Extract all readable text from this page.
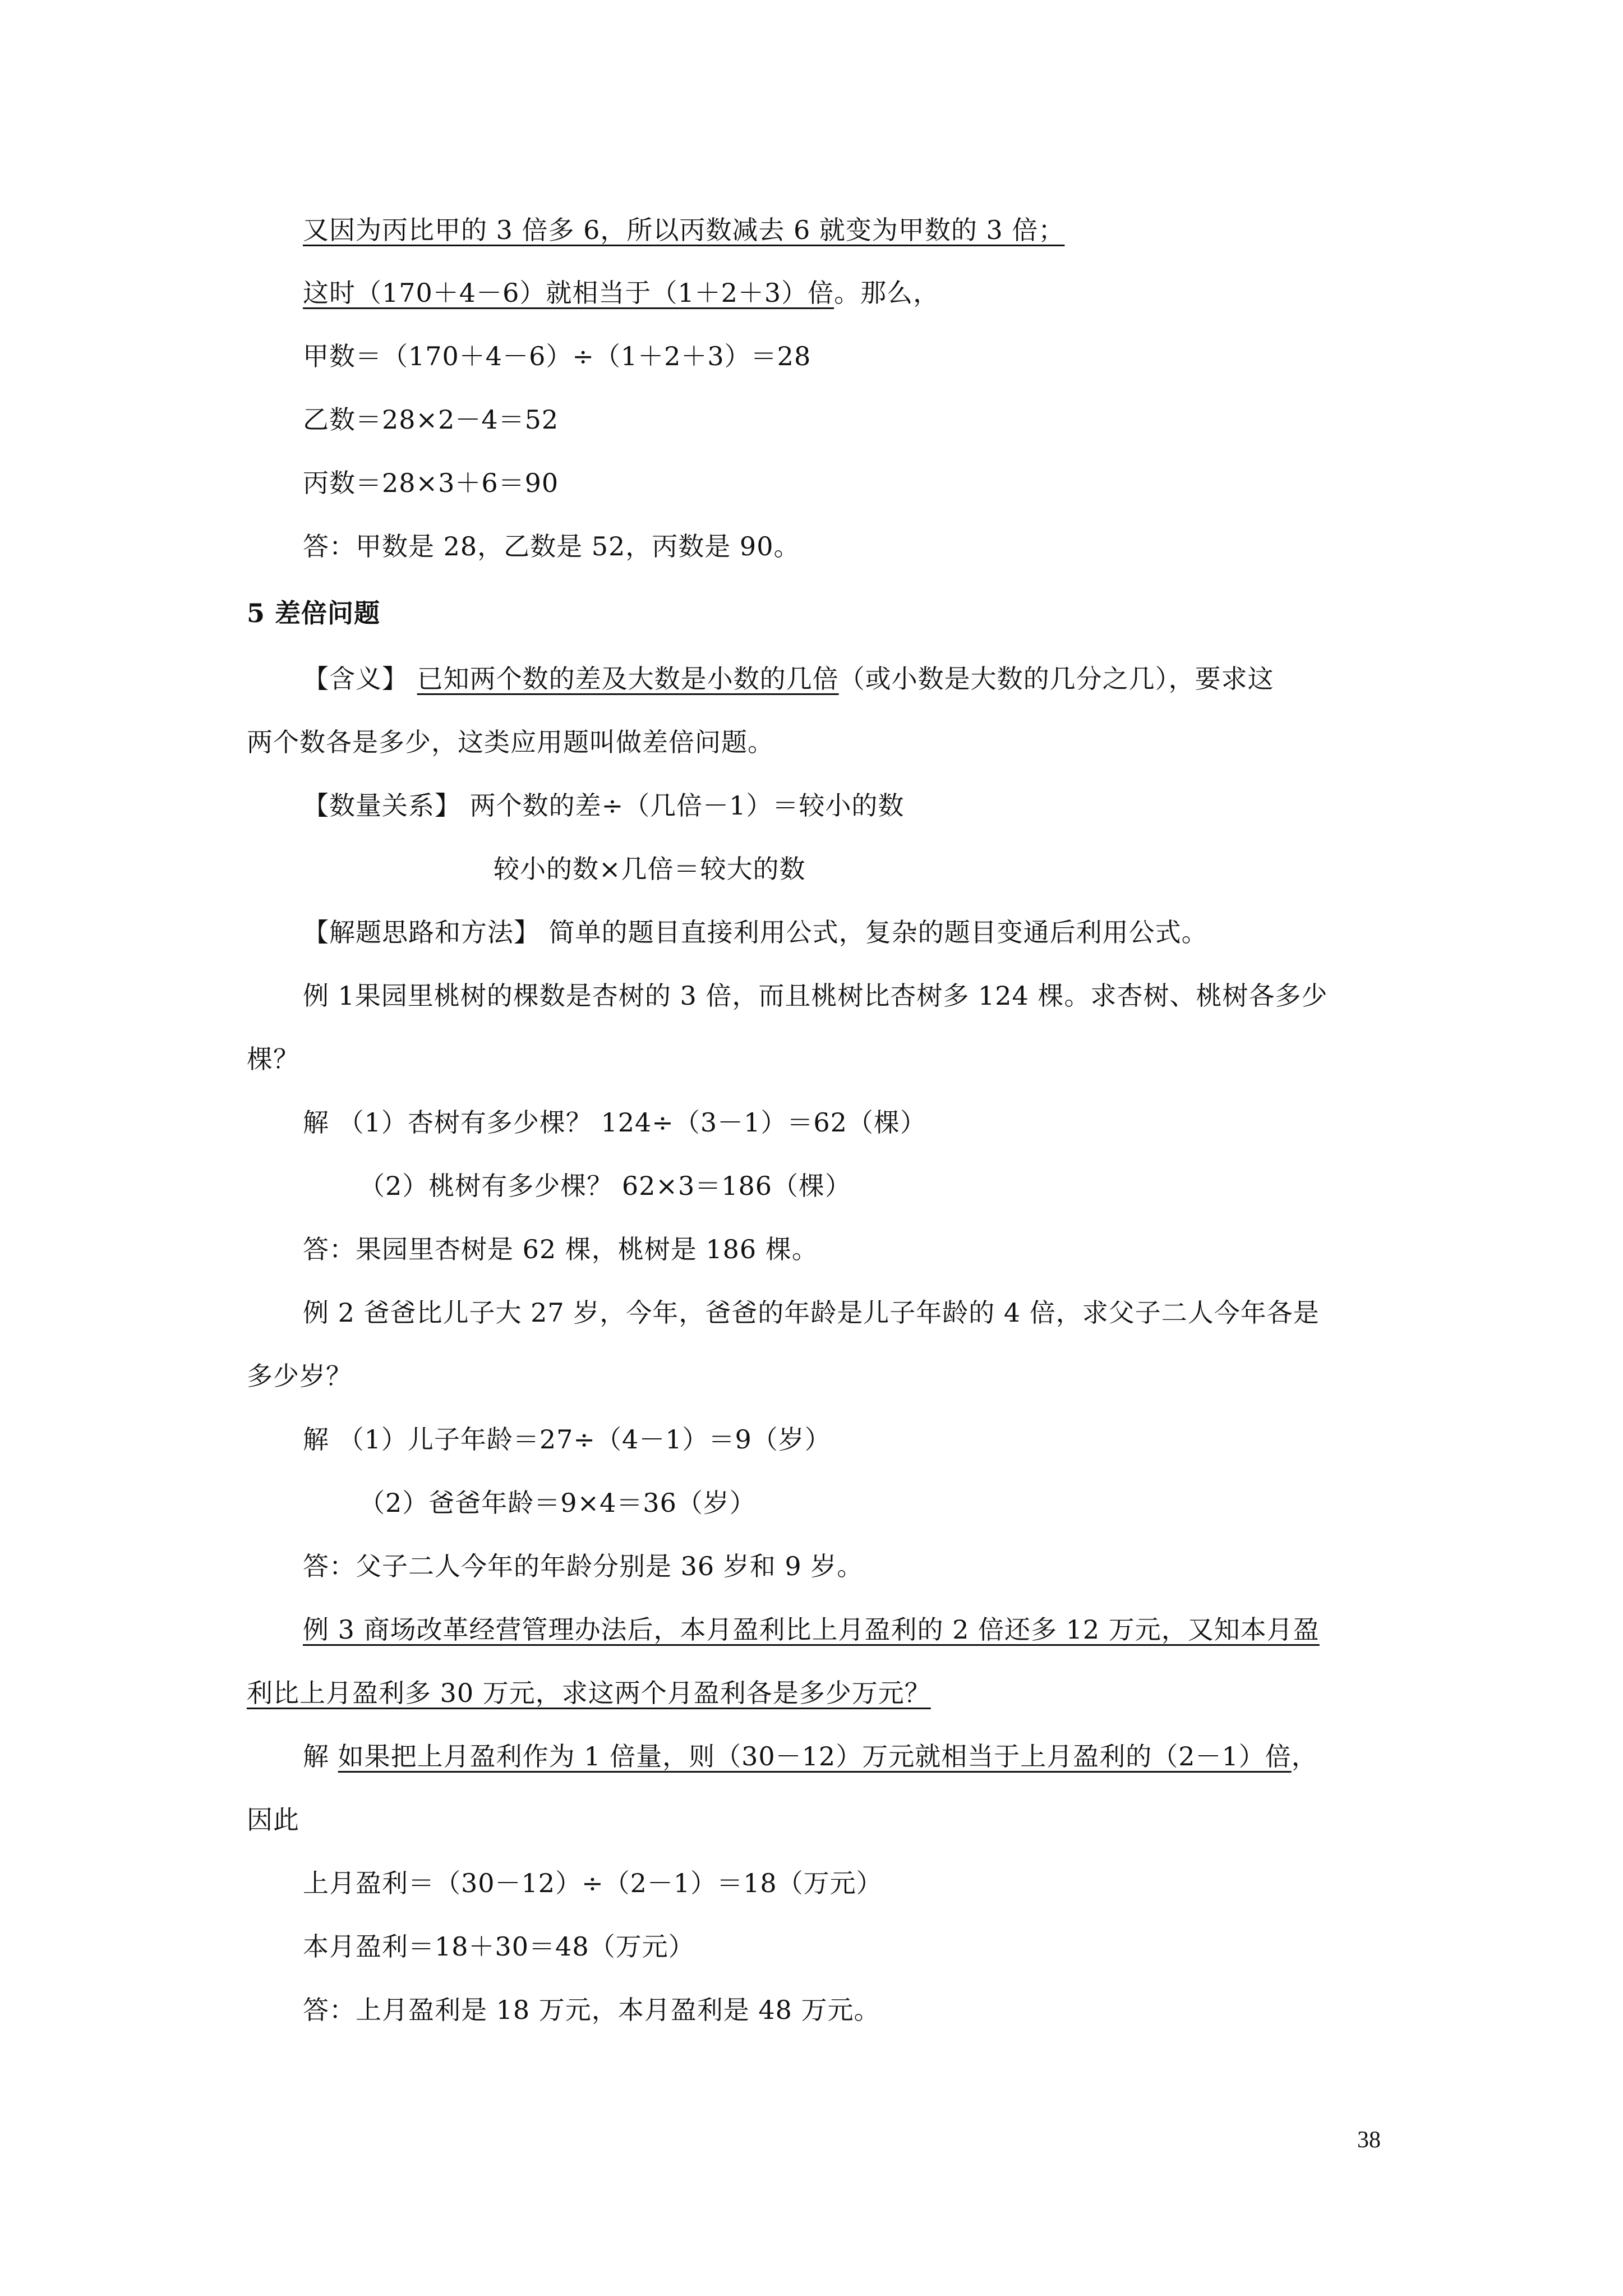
又因为丙比甲的 3 倍多 6，所以丙数减去 6 就变为甲数的 3 倍；
这时（170＋4－6）就相当于（1＋2＋3）倍。那么，
甲数＝（170＋4－6）÷（1＋2＋3）＝28
乙数＝28×2－4＝52
丙数＝28×3＋6＝90
答：甲数是 28，乙数是 52，丙数是 90。
5 差倍问题
【含义】 已知两个数的差及大数是小数的几倍（或小数是大数的几分之几），要求这
两个数各是多少，这类应用题叫做差倍问题。
【数量关系】 两个数的差÷（几倍－1）＝较小的数
较小的数×几倍＝较大的数
【解题思路和方法】 简单的题目直接利用公式，复杂的题目变通后利用公式。
例 1果园里桃树的棵数是杏树的 3 倍，而且桃树比杏树多 124 棵。求杏树、桃树各多少
棵？
解 （1）杏树有多少棵？ 124÷（3－1）＝62（棵）
（2）桃树有多少棵？ 62×3＝186（棵）
答：果园里杏树是 62 棵，桃树是 186 棵。
例 2 爸爸比儿子大 27 岁，今年，爸爸的年龄是儿子年龄的 4 倍，求父子二人今年各是
多少岁？
解 （1）儿子年龄＝27÷（4－1）＝9（岁）
（2）爸爸年龄＝9×4＝36（岁）
答：父子二人今年的年龄分别是 36 岁和 9 岁。
例 3 商场改革经营管理办法后，本月盈利比上月盈利的 2 倍还多 12 万元，又知本月盈
利比上月盈利多 30 万元，求这两个月盈利各是多少万元？
解 如果把上月盈利作为 1 倍量，则（30－12）万元就相当于上月盈利的（2－1）倍，
因此
上月盈利＝（30－12）÷（2－1）＝18（万元）
本月盈利＝18＋30＝48（万元）
答：上月盈利是 18 万元，本月盈利是 48 万元。
38
